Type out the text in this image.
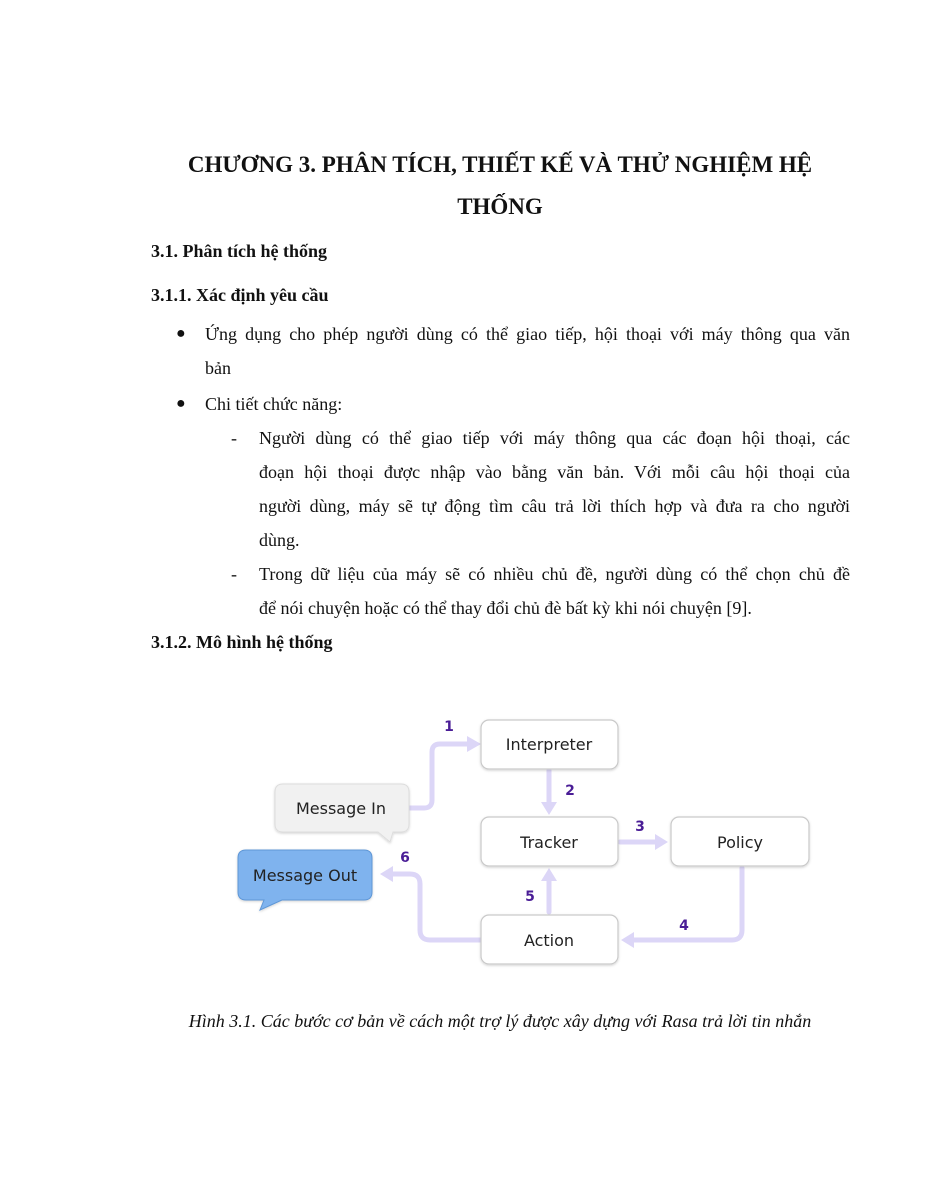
CHƯƠNG 3. PHÂN TÍCH, THIẾT KẾ VÀ THỬ NGHIỆM HỆ
THỐNG
3.1. Phân tích hệ thống
3.1.1. Xác định yêu cầu
● Ứng dụng cho phép người dùng có thể giao tiếp, hội thoại với máy thông qua văn
bản
● Chi tiết chức năng:
- Người dùng có thể giao tiếp với máy thông qua các đoạn hội thoại, các
đoạn hội thoại được nhập vào bằng văn bản. Với mỗi câu hội thoại của
người dùng, máy sẽ tự động tìm câu trả lời thích hợp và đưa ra cho người
dùng.
- Trong dữ liệu của máy sẽ có nhiều chủ đề, người dùng có thể chọn chủ đề
để nói chuyện hoặc có thể thay đổi chủ đè bất kỳ khi nói chuyện [9].
3.1.2. Mô hình hệ thống
Interpreter
Tracker	Policy
Action
Message In
Message Out
1
2
3
4
5
6
Hình 3.1. Các bước cơ bản về cách một trợ lý được xây dựng với Rasa trả lời tin nhắn
